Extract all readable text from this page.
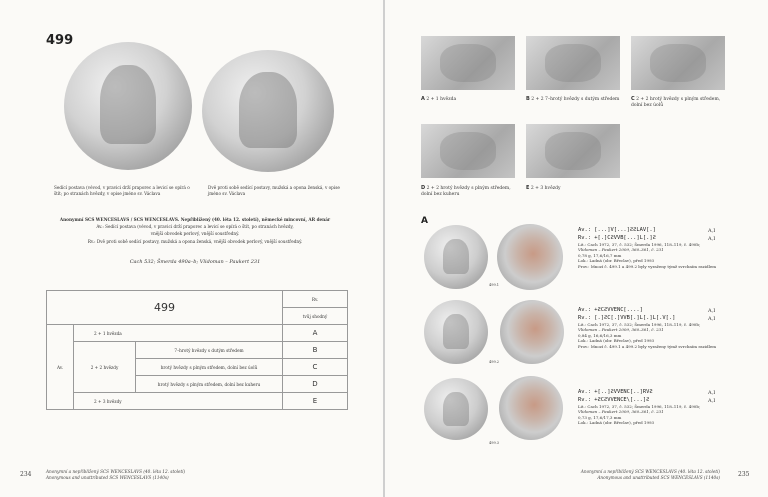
499
Sedící postava (vévod, v pravici drží praporec a levicí se opírá o štít; po stranách hvězdy, v opise jméno sv. Václava
Dvě proti sobě sedící postavy, mužská a opona ženská, v opise jméno sv. Václava
Anonymní SCS WENCESLAVS / SCS WENCESLAVS. Nepřiblížený (40. léta 12. století), německé mincovní, AR denár
Av.: Sedící postava (vévod, v pravici drží praporec a levicí se opírá o štít, po stranách hvězdy,
vnější obvodek perlový, vnější soustředný.
Rv.: Dvě proti sobě sedící postavy, mužská a opona ženská, vnější obvodek perlový, vnější soustředný.
Cach 532; Šmerda 490a–b; Vlidoman – Paukert 231
499			Rv.
			tvůj shodný
Av.	2 + 1 hvězda		A
	2 + 2 hvězdy	7–hrotý hvězdy s dutým středem	B
		hrotý hvězdy s plným středem, dolní bez úolů	C
		hrotý hvězdy s plným středem, dolní bez kuheru	D
	2 + 3 hvězdy		E
234	Anonymní a nepřiblížený SCS WENCESLAVS (40. léta 12. století)
Anonymous and unattributed SCS WENCESLAVS (1140s)
A 2 + 1 hvězda	B 2 + 2 7–hrotý hvězdy s dutým středem	C 2 + 2 hrotý hvězdy s plným středem, dolní bez úolů
D 2 + 2 hrotý hvězdy s plným středem, dolní bez kuheru
E 2 + 3 hvězdy
A
499.1
Av.: [...]V[...]ƧƧLAV[.]
Rv.: +[.]CƧVVB[...]L[.]Ƨ
Lit.: Cach 1972, 37, č. 532; Šmerda 1996, 118–119, č. 490b;
Vlidoman – Paukert 2009, 360–361, č. 231
0,78 g, 17,6/16,7 mm
Lok.: Ladná (obr. Břeclav), před 1993
Prov.: Mnozí č. 499.1 a 499.2 byly vyraženy týmž svrchním razidlem
A,I
A,I
499.2
Av.: +ƧCƧVVENC[....]
Rv.: [.]ƧC[.]VVB[.]L[.]L[.V[.]
Lit.: Cach 1972, 37, č. 532; Šmerda 1996, 118–119, č. 490b;
Vlidoman – Paukert 2009, 360–361, č. 231
0,84 g, 16,6/16,3 mm
Lok.: Ladná (obr. Břeclav), před 1993
Prov.: Mnozí č. 499.1 a 499.2 byly vyraženy týmž svrchním razidlem
A,I
A,I
499.3
Av.: +[..]ƧVVENC[..]RVƧ
Rv.: +ƧCƧVVENCE\[...]Ƨ
Lit.: Cach 1972, 37, č. 532; Šmerda 1996, 118–119, č. 490b;
Vlidoman – Paukert 2009, 360–361, č. 231
0,73 g, 17,6/17,3 mm
Lok.: Ladná (obr. Břeclav), před 1993
A,I
A,I
Anonymní a nepřiblížený SCS WENCESLAVS (40. léta 12. století)
Anonymous and unattributed SCS WENCESLAVS (1140s)	235
